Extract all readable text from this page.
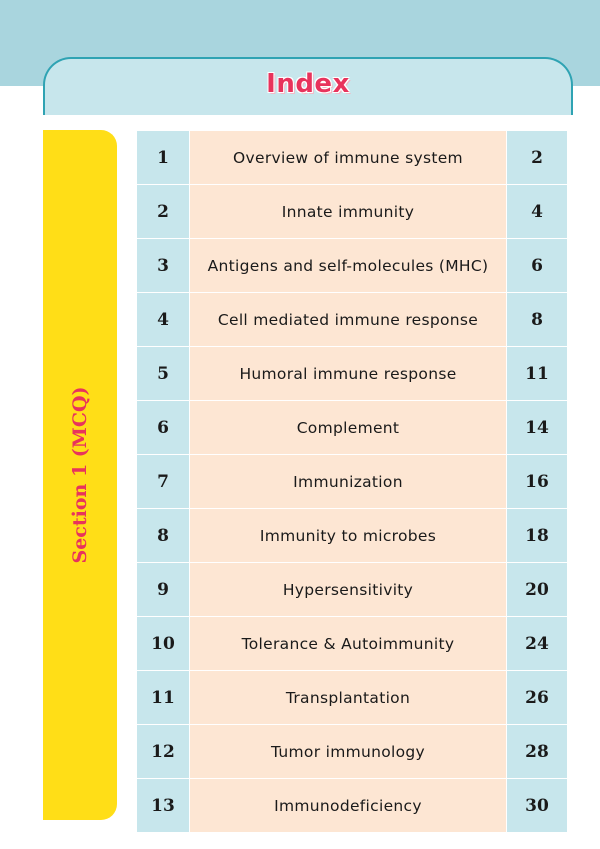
Index
Section 1 (MCQ)
1	Overview of immune system	2
2	Innate immunity	4
3	Antigens and self-molecules (MHC)	6
4	Cell mediated immune response	8
5	Humoral immune response	11
6	Complement	14
7	Immunization	16
8	Immunity to microbes	18
9	Hypersensitivity	20
10	Tolerance & Autoimmunity	24
11	Transplantation	26
12	Tumor immunology	28
13	Immunodeficiency	30
